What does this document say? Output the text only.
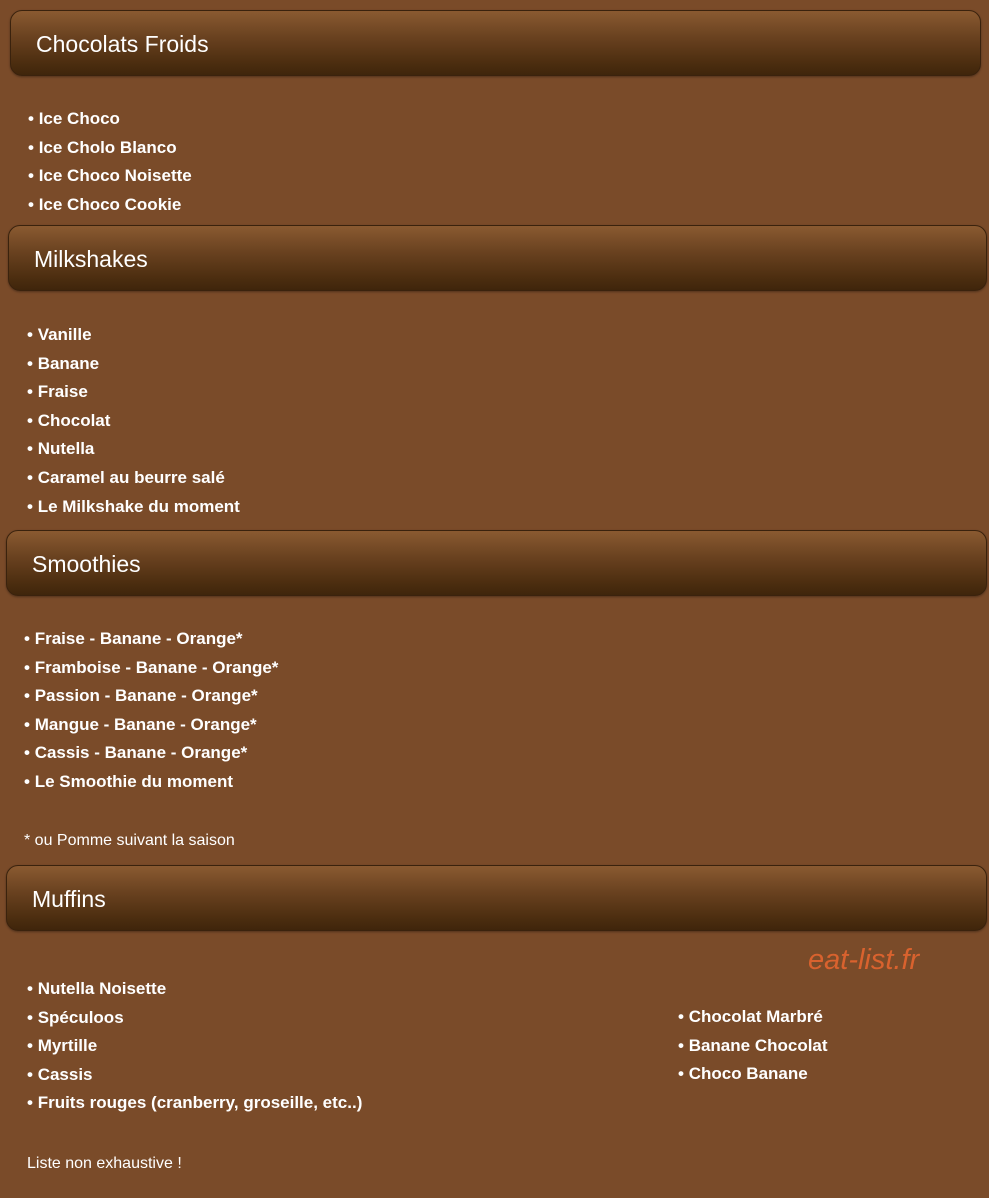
Chocolats Froids
• Ice Choco
• Ice Cholo Blanco
• Ice Choco Noisette
• Ice Choco Cookie
Milkshakes
• Vanille
• Banane
• Fraise
• Chocolat
• Nutella
• Caramel au beurre salé
• Le Milkshake du moment
Smoothies
• Fraise - Banane - Orange*
• Framboise - Banane - Orange*
• Passion - Banane - Orange*
• Mangue - Banane - Orange*
• Cassis - Banane - Orange*
• Le Smoothie du moment
* ou Pomme suivant la saison
Muffins
eat-list.fr
• Nutella Noisette
• Spéculoos
• Myrtille
• Cassis
• Fruits rouges (cranberry, groseille, etc..)
• Chocolat Marbré
• Banane Chocolat
• Choco Banane
Liste non exhaustive !
